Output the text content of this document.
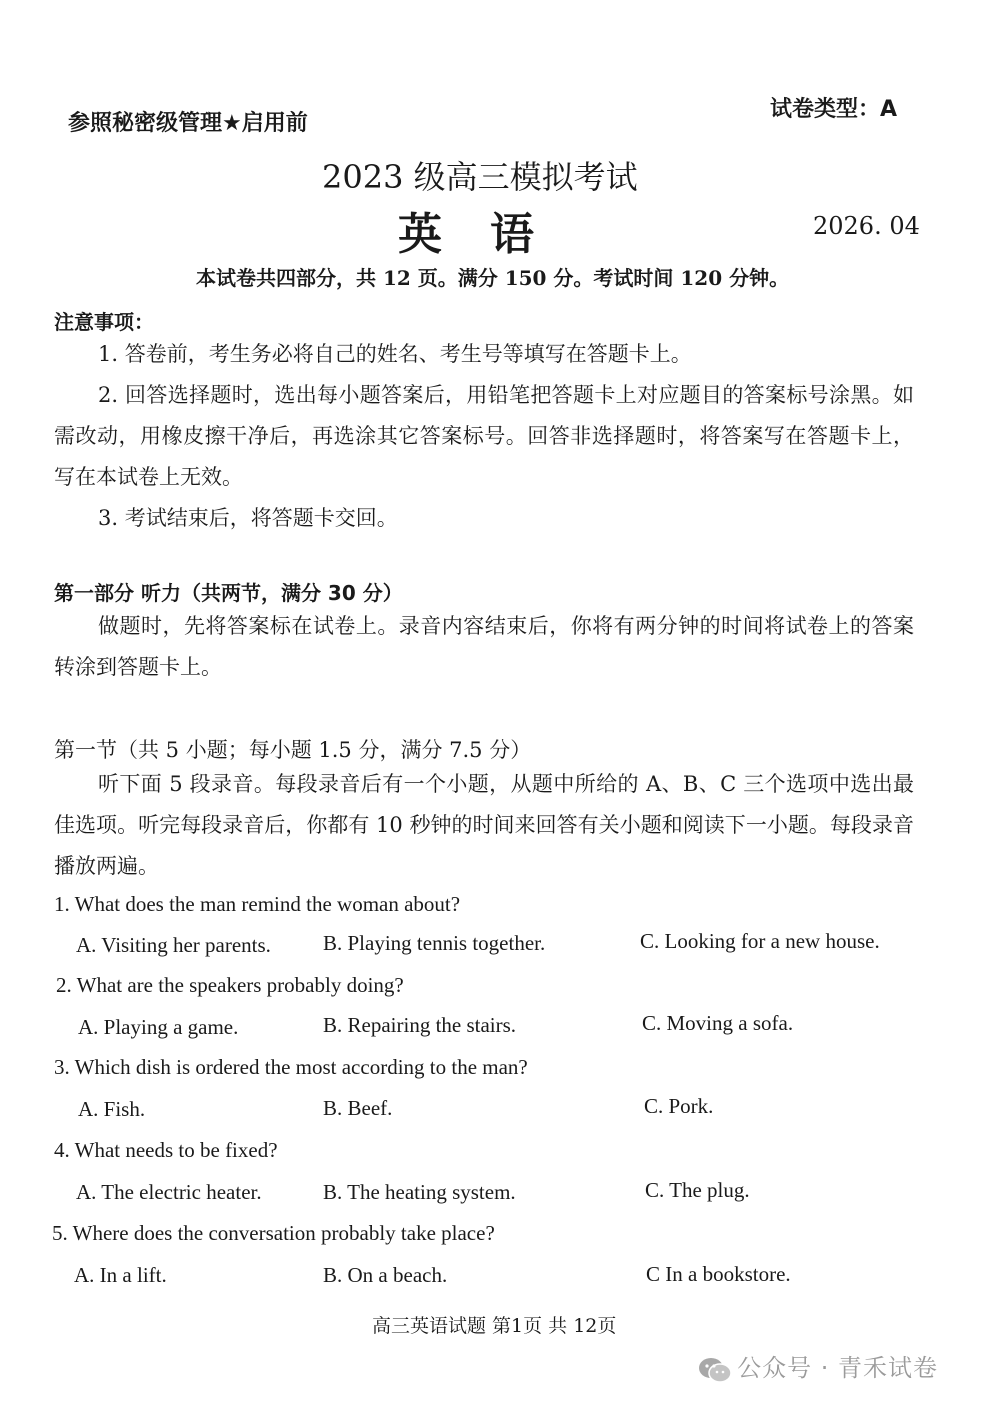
参照秘密级管理★启用前
试卷类型：A
2023 级高三模拟考试
英　语	2026. 04
本试卷共四部分，共 12 页。满分 150 分。考试时间 120 分钟。
注意事项：
1. 答卷前，考生务必将自己的姓名、考生号等填写在答题卡上。
2. 回答选择题时，选出每小题答案后，用铅笔把答题卡上对应题目的答案标号涂黑。如需改动，用橡皮擦干净后，再选涂其它答案标号。回答非选择题时，将答案写在答题卡上，写在本试卷上无效。
3. 考试结束后，将答题卡交回。
第一部分 听力（共两节，满分 30 分）
做题时，先将答案标在试卷上。录音内容结束后，你将有两分钟的时间将试卷上的答案转涂到答题卡上。
第一节（共 5 小题；每小题 1.5 分，满分 7.5 分）
听下面 5 段录音。每段录音后有一个小题，从题中所给的 A、B、C 三个选项中选出最佳选项。听完每段录音后，你都有 10 秒钟的时间来回答有关小题和阅读下一小题。每段录音播放两遍。
1. What does the man remind the woman about?
A. Visiting her parents. B. Playing tennis together.	C. Looking for a new house.
2. What are the speakers probably doing?
A. Playing a game.	B. Repairing the stairs.	C. Moving a sofa.
3. Which dish is ordered the most according to the man?
A. Fish.	B. Beef.	C. Pork.
4. What needs to be fixed?
A. The electric heater.	B. The heating system.	C. The plug.
5. Where does the conversation probably take place?
A. In a lift.	B. On a beach.	C In a bookstore.
高三英语试题 第1页 共 12页
公众号 · 青禾试卷
